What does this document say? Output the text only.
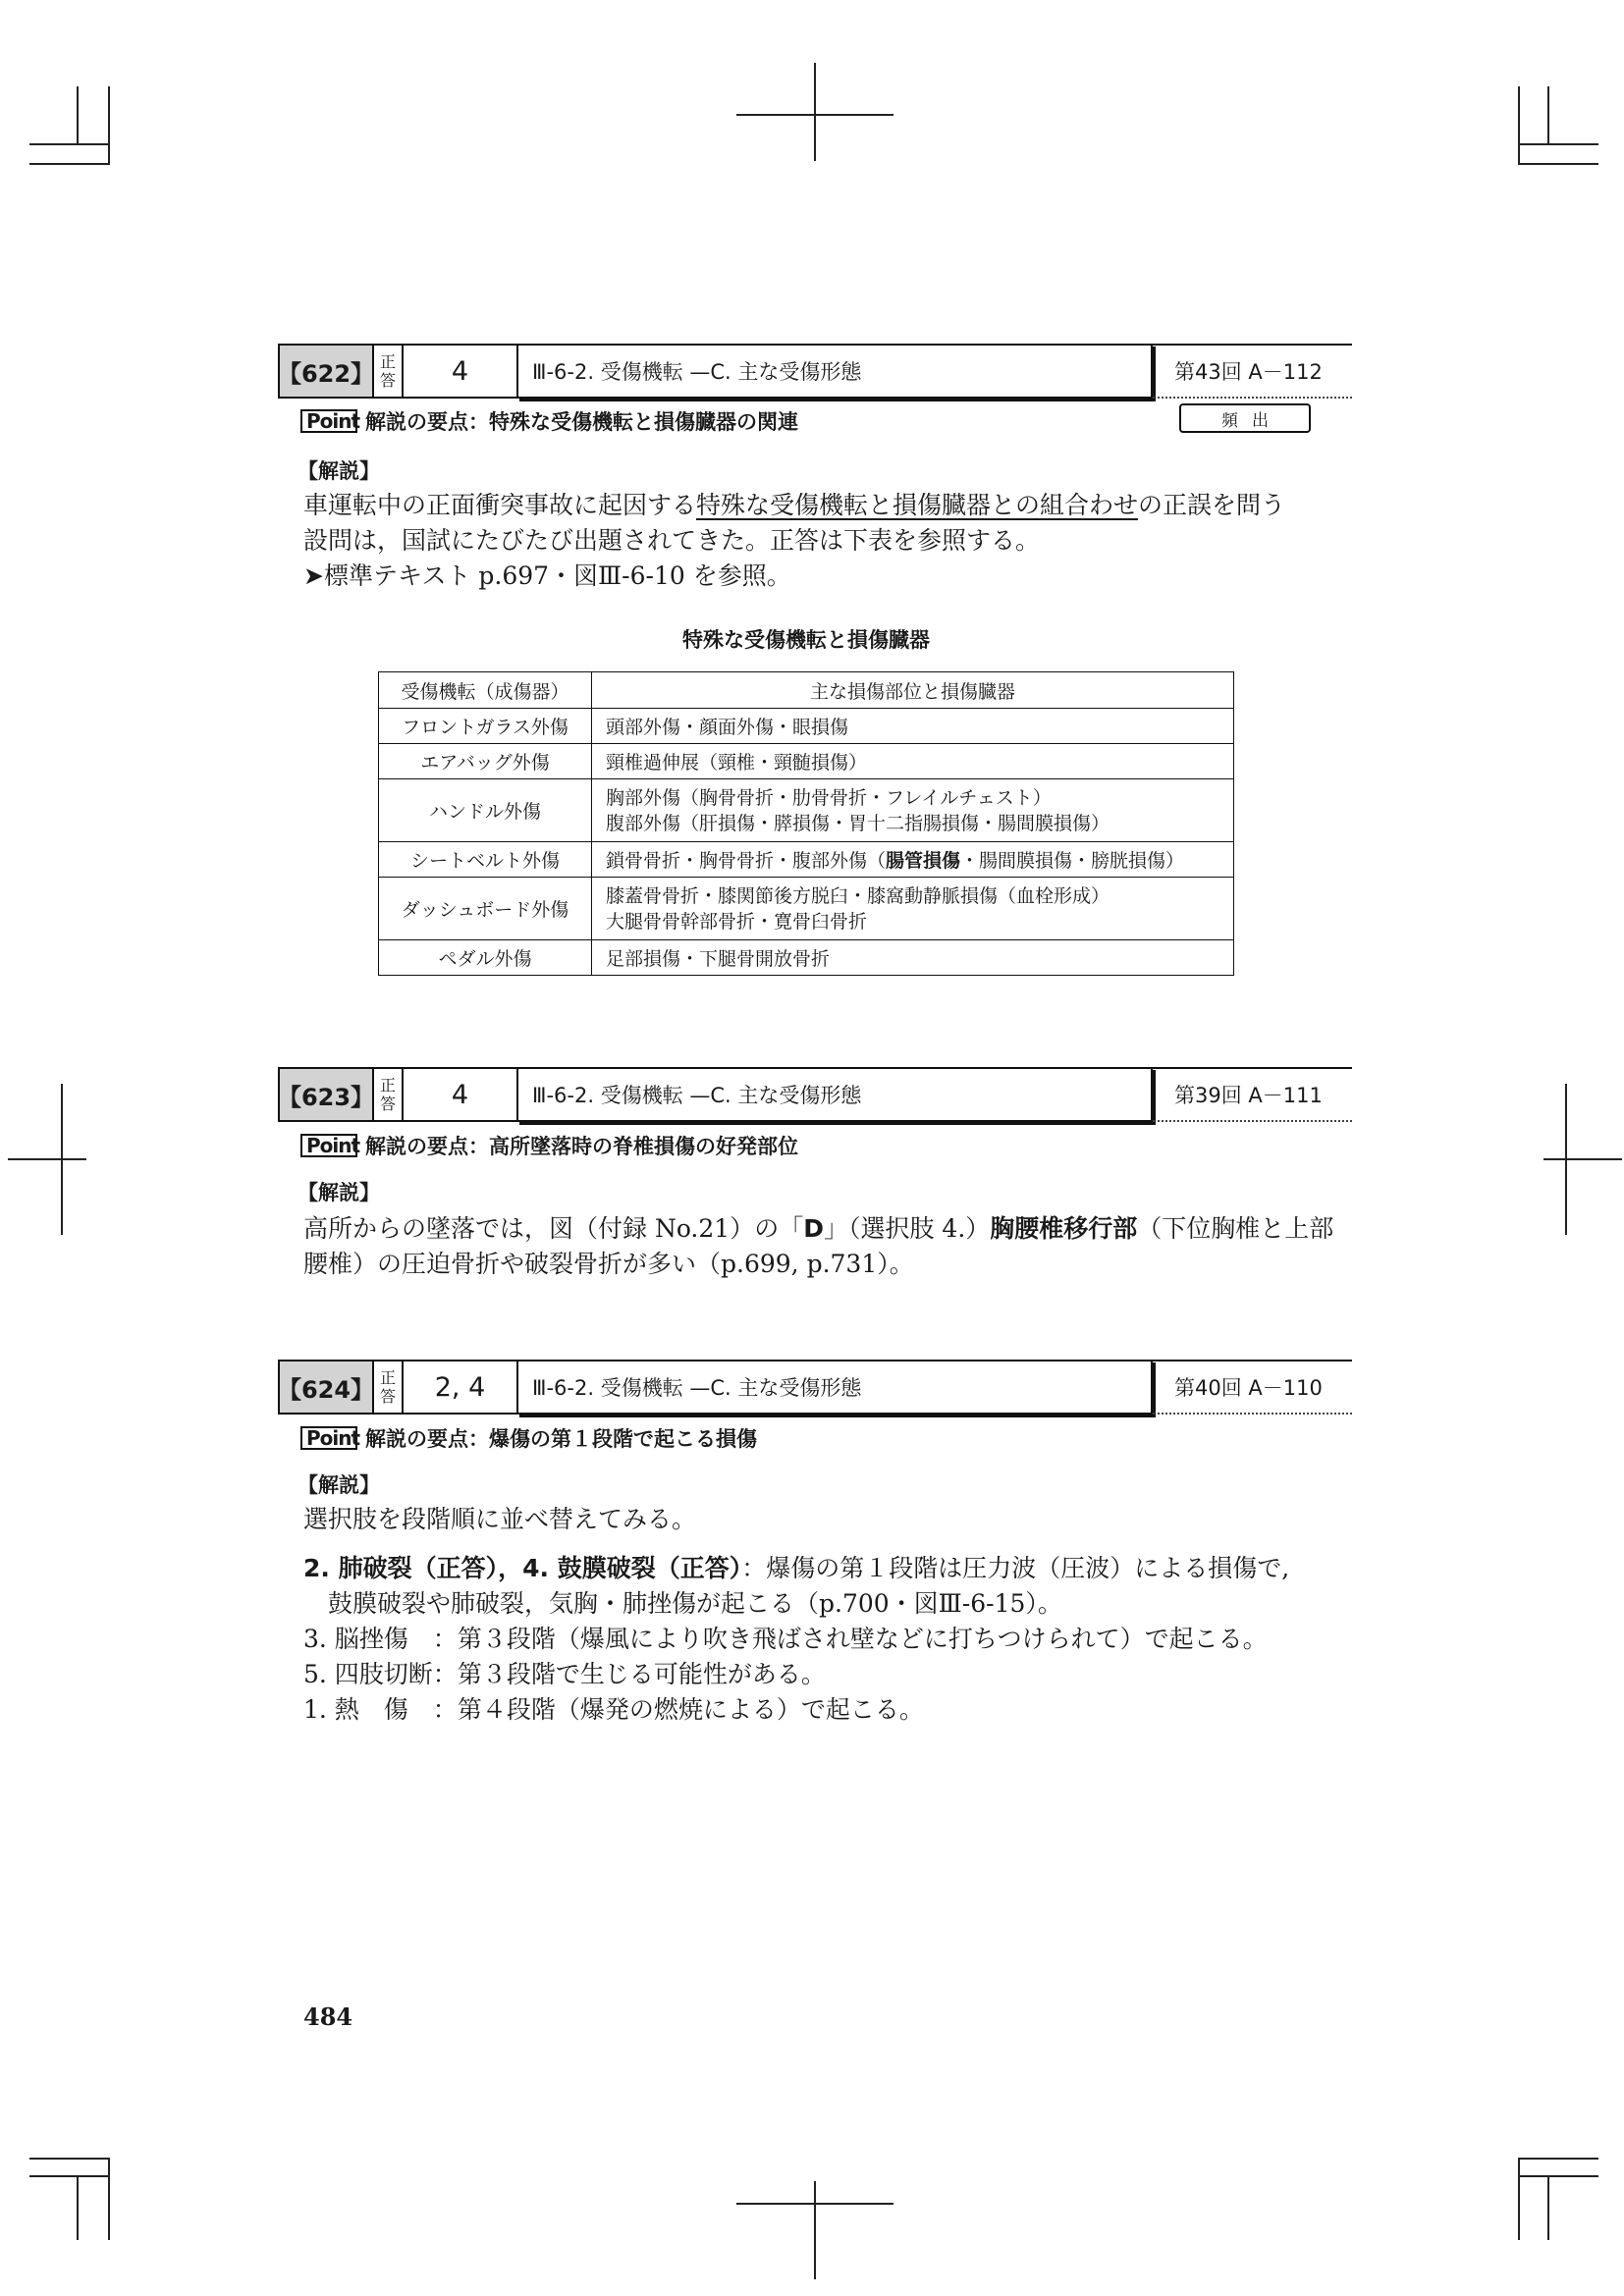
【622】 正
答	4	Ⅲ-6-2. 受傷機転 —C. 主な受傷形態	第43回 A－112
Point 解説の要点：特殊な受傷機転と損傷臓器の関連	頻出
【解説】
車運転中の正面衝突事故に起因する特殊な受傷機転と損傷臓器との組合わせの正誤を問う
設問は，国試にたびたび出題されてきた。正答は下表を参照する。
➤標準テキスト p.697・図Ⅲ-6-10 を参照。
特殊な受傷機転と損傷臓器
受傷機転（成傷器）	主な損傷部位と損傷臓器
フロントガラス外傷	頭部外傷・顔面外傷・眼損傷
エアバッグ外傷	頸椎過伸展（頸椎・頸髄損傷）
ハンドル外傷	胸部外傷（胸骨骨折・肋骨骨折・フレイルチェスト）
腹部外傷（肝損傷・膵損傷・胃十二指腸損傷・腸間膜損傷）

シートベルト外傷	鎖骨骨折・胸骨骨折・腹部外傷（腸管損傷・腸間膜損傷・膀胱損傷）
ダッシュボード外傷	膝蓋骨骨折・膝関節後方脱臼・膝窩動静脈損傷（血栓形成）
大腿骨骨幹部骨折・寛骨臼骨折

ペダル外傷	足部損傷・下腿骨開放骨折
【623】 正
答	4	Ⅲ-6-2. 受傷機転 —C. 主な受傷形態	第39回 A－111
Point 解説の要点：高所墜落時の脊椎損傷の好発部位
【解説】
高所からの墜落では，図（付録 No.21）の「D」（選択肢 4.）胸腰椎移行部（下位胸椎と上部
腰椎）の圧迫骨折や破裂骨折が多い（p.699, p.731）。
【624】 正
答	2, 4	Ⅲ-6-2. 受傷機転 —C. 主な受傷形態	第40回 A－110
Point 解説の要点：爆傷の第１段階で起こる損傷
【解説】
選択肢を段階順に並べ替えてみる。
2. 肺破裂（正答），4. 鼓膜破裂（正答）：爆傷の第１段階は圧力波（圧波）による損傷で,
鼓膜破裂や肺破裂，気胸・肺挫傷が起こる（p.700・図Ⅲ-6-15）。
3. 脳挫傷　：第３段階（爆風により吹き飛ばされ壁などに打ちつけられて）で起こる。
5. 四肢切断：第３段階で生じる可能性がある。
1. 熱　傷　：第４段階（爆発の燃焼による）で起こる。
484
